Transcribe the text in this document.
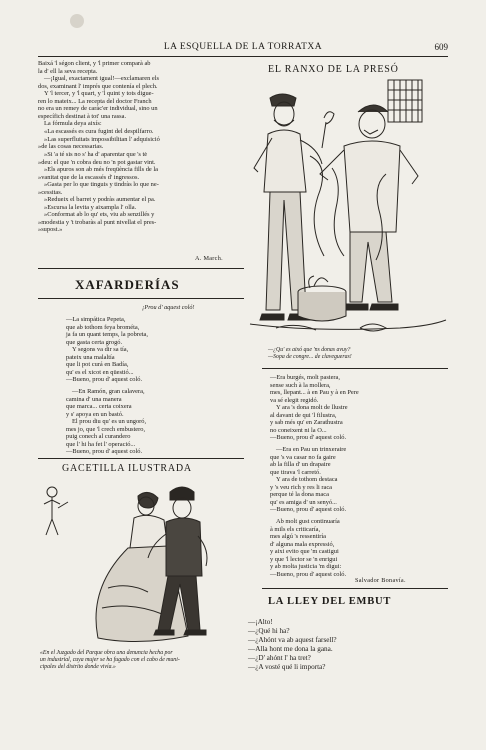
LA ESQUELLA DE LA TORRATXA	609
Baixá 'l ségon client, y 'l primer comparà ab
la d' ell la seva recepta.
—¡Igual, exactament igual!—exclamaren els
dos, examinant l' imprés que contenía el plech.
Y 'l tercer, y 'l quart, y 'l quint y tots diguе-
ren lo mateix... La recepta del doctor Franch
no era un remey de caràc'er individual, sino un
específich destinat à tot' una rassa.
La fórmula deya aixís:
«La escassés es cura fugint del despilfarro.
»Las superfluitats impossibilitan l' adquisició
»de las cosas necessarias.
»Si 'a té sis no s' ha d' aparentar que 's tė
»deu: el que 'n cobra deu no 'n pot gastar vint.
»Els apuros son ab més freqüència fills de la
»vanitat que de la escassés d' ingressos.
»Gasta per lo que tinguis y tindràs lo que ne-
»cessitas.
»Redueix el barret y podràs aumentar el pa.
»Escursa la levita y aixampla l' olla.
»Conformat ab lo qu' ets, viu ab senzillés y
»modestia y 't trobaràs al punt nivellat el pres-
»supost.»
A. March.
EL RANXO DE LA PRESÓ
—¿Qu' es aixó que 'ns donas avuy?
—Sopa de congre... de clavegueras!
XAFARDERÍAS
¡Prou d' aquest coló!
—La simpática Pepeta,
que ab tothom feya brométa,
ja fa un quant temps, la pobreta,
que gasta certa grogó.
Y segons va dir sa tía,
pateix una malaltía
que li pot curá en Badía,
qu' es el xicot en qüestió...
—Bueno, prou d' aquest coló.
—En Ramón, gran calavera,
camina d' una manera
que marca... certa coixera
y s' apoya en un bastó.
El prou diu qu' es un ungoró,
mes jo, que 'l crech embustero,
puig conech al curandero
que l' hi ha fet l' operació...
—Bueno, prou d' aquest coló.
—Era burgés, molt pastera,
sense such à la mollera,
mes, llepant... à en Pau y à en Pere
va sé elegit regidó.
Y ara 's dona molt de llustre
al davant de qui 'l filustra,
y sab més qu' en Zarathustra
no coneixent ni la O...
—Bueno, prou d' aquest coló.
—Era en Pau un trinxeraire
que 's va casar no fa gaire
ab la filla d' un drapaire
que tirava 'l carretó.
Y ara de tothom destaca
y 's veu rich y res li raca
perque té la dona maca
qu' es amiga d' un senyó...
—Bueno, prou d' aquest coló.
Ab molt gust continuaría
à mils els criticaría,
mes algú 's ressentiría
d' alguna mala expressió,
y aixi evito que 'm castigui
y que 'l lector se 'n enrigui
y ab molta justicia 'm digui:
—Bueno, prou d' aquest coló.
Salvador Bonavía.
GACETILLA ILUSTRADA
«En el Juzgado del Parque obra una denuncia hecha por
un industrial, cuya mujer se ha fugado con el cabo de muni-
cipales del distrito donde vivía.»
LA LLEY DEL EMBUT
—¡Alto!
—¿Qué hi ha?
—¿Ahónt va ab aquest farsell?
—Alla hont me dona la gana.
—¿D' ahónt l' ha tret?
—¿A vosté qué li importa?
